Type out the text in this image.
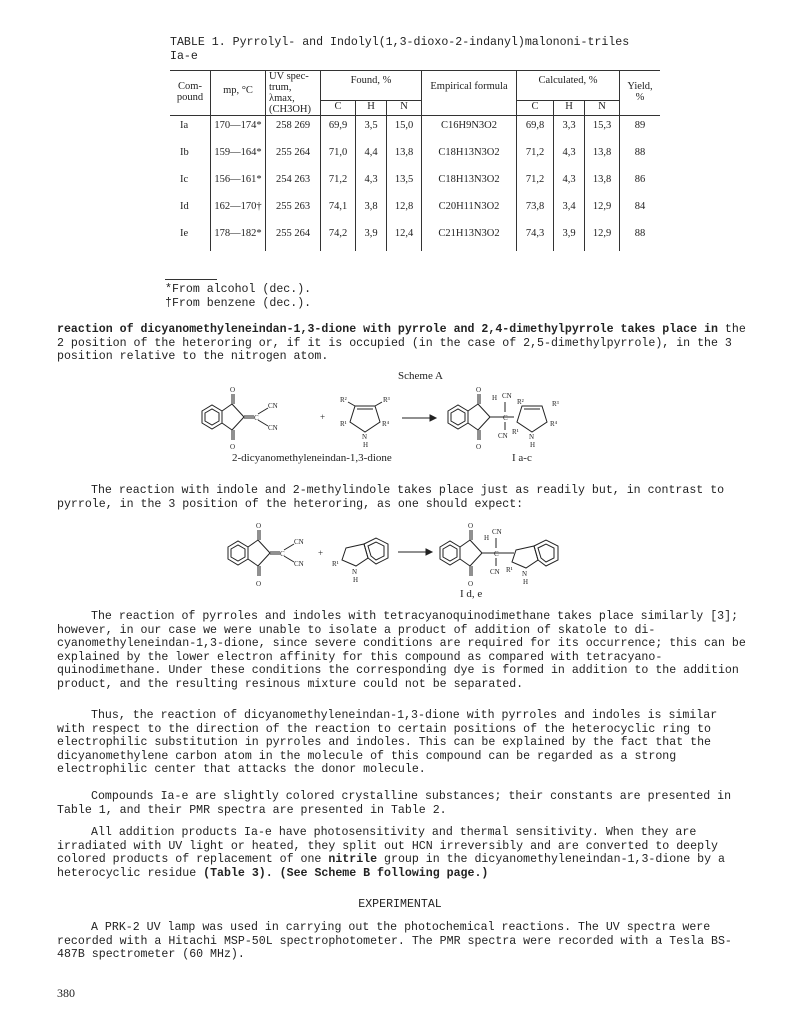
TABLE 1. Pyrrolyl- and Indolyl(1,3-dioxo-2-indanyl)malononi-triles Ia-e
Com- pound	mp, °C	UV spec- trum, λmax, (CH3OH)	Found, %			Empirical formula	Calculated, %			Yield, %
			C	H	N		C	H	N	
Ia	170—174*	258 269	69,9	3,5	15,0	C16H9N3O2	69,8	3,3	15,3	89
Ib	159—164*	255 264	71,0	4,4	13,8	C18H13N3O2	71,2	4,3	13,8	88
Ic	156—161*	254 263	71,2	4,3	13,5	C18H13N3O2	71,2	4,3	13,8	86
Id	162—170†	255 263	74,1	3,8	12,8	C20H11N3O2	73,8	3,4	12,9	84
Ie	178—182*	255 264	74,2	3,9	12,4	C21H13N3O2	74,3	3,9	12,9	88
*From alcohol (dec.).
†From benzene (dec.).
reaction of dicyanomethyleneindan-1,3-dione with pyrrole and 2,4-dimethylpyrrole takes place in the 2 position of the heteroring or, if it is occupied (in the case of 2,5-dimethylpyrrole), in the 3 position relative to the nitrogen atom.
Scheme A
O
O
C
CN
CN
+
R²	R³
R¹	R⁴
N
H
O
O
H CN
C
CN
R²	R³
R¹
R⁴
N
H
2-dicyanomethyleneindan-1,3-dione	I a-c
The reaction with indole and 2-methylindole takes place just as readily but, in contrast to pyrrole, in the 3 position of the heteroring, as one should expect:
O
O
C
CN
CN
+
R¹
N
H
O
O
H
CN
C
CN R¹ N
H
I d, e
The reaction of pyrroles and indoles with tetracyanoquinodimethane takes place similarly [3]; however, in our case we were unable to isolate a product of addition of skatole to di-cyanomethyleneindan-1,3-dione, since severe conditions are required for its occurrence; this can be explained by the lower electron affinity for this compound as compared with tetracyano-quinodimethane. Under these conditions the corresponding dye is formed in addition to the addition product, and the resulting resinous mixture could not be separated.
Thus, the reaction of dicyanomethyleneindan-1,3-dione with pyrroles and indoles is similar with respect to the direction of the reaction to certain positions of the heterocyclic ring to electrophilic substitution in pyrroles and indoles. This can be explained by the fact that the dicyanomethylene carbon atom in the molecule of this compound can be regarded as a strong electrophilic center that attacks the donor molecule.
Compounds Ia-e are slightly colored crystalline substances; their constants are presented in Table 1, and their PMR spectra are presented in Table 2.
All addition products Ia-e have photosensitivity and thermal sensitivity. When they are irradiated with UV light or heated, they split out HCN irreversibly and are converted to deeply colored products of replacement of one nitrile group in the dicyanomethyleneindan-1,3-dione by a heterocyclic residue (Table 3). (See Scheme B following page.)
EXPERIMENTAL
A PRK-2 UV lamp was used in carrying out the photochemical reactions. The UV spectra were recorded with a Hitachi MSP-50L spectrophotometer. The PMR spectra were recorded with a Tesla BS-487B spectrometer (60 MHz).
380
